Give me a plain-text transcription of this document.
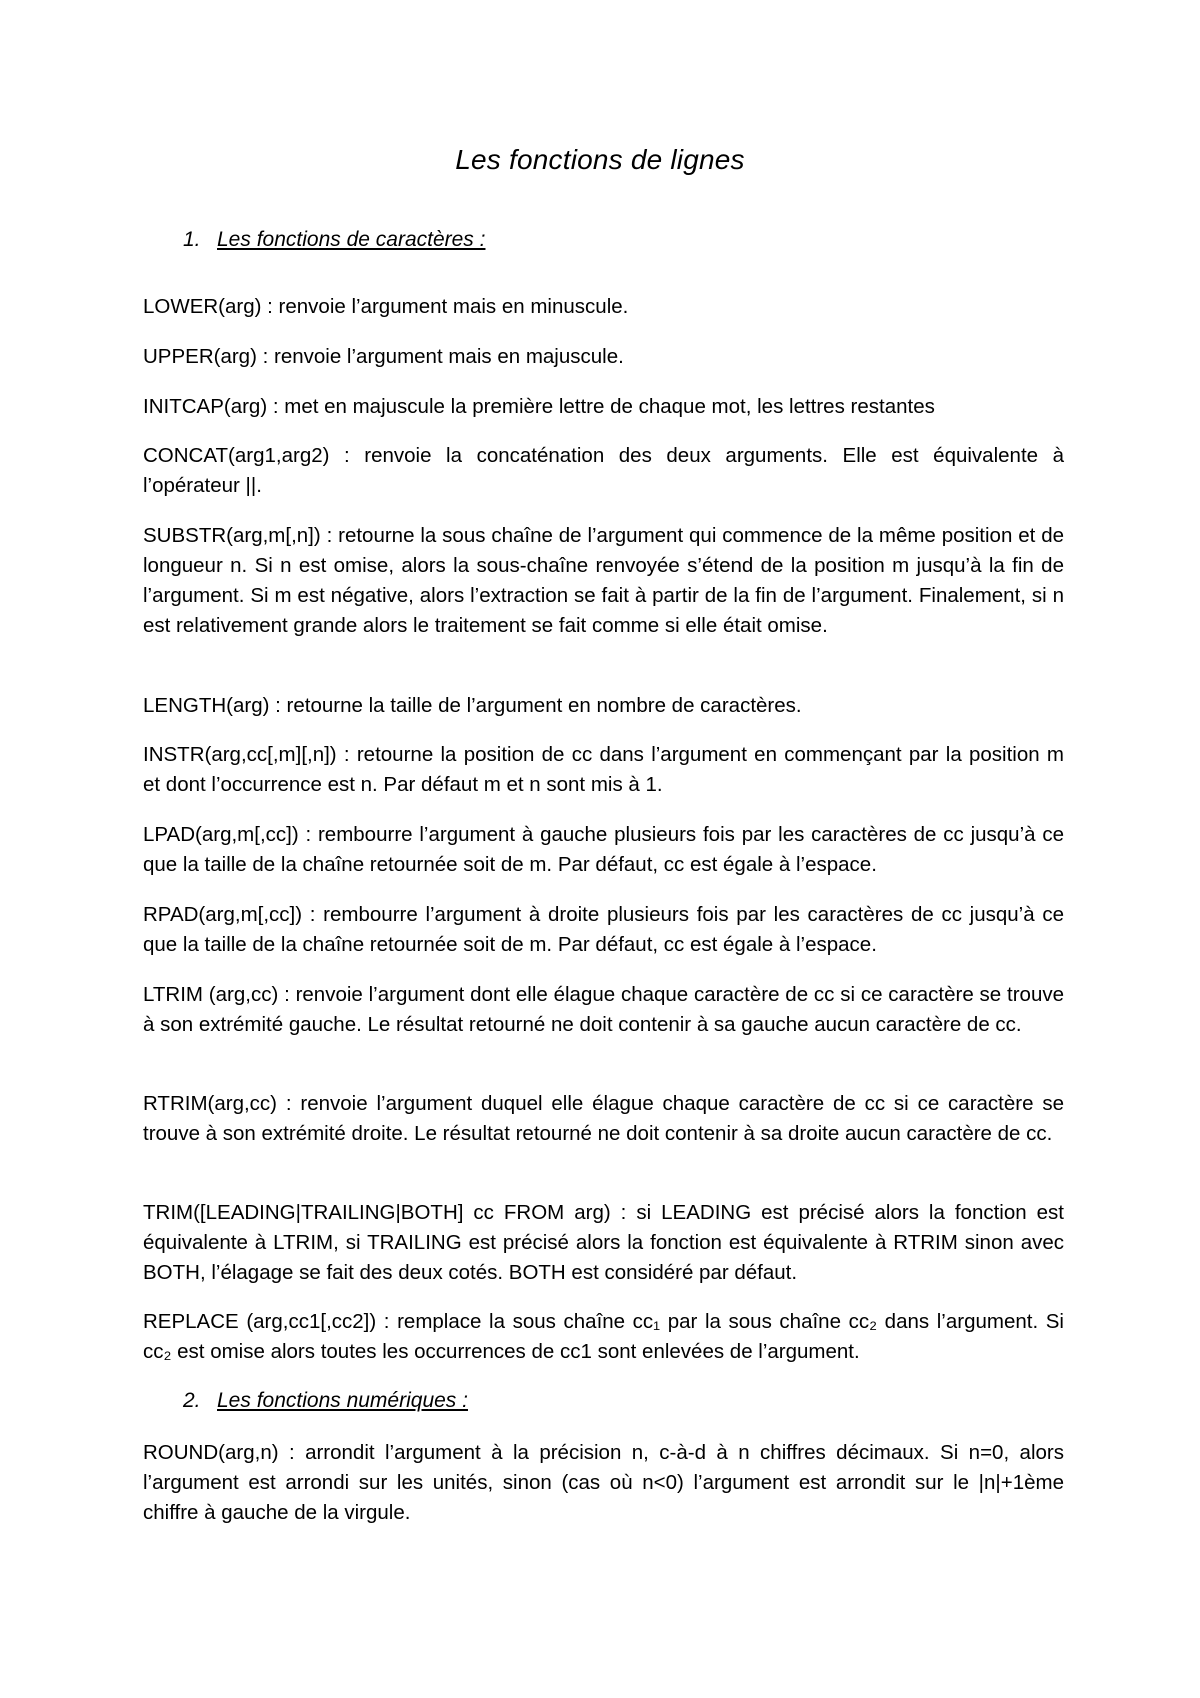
Les fonctions de lignes
1. Les fonctions de caractères :

LOWER(arg) : renvoie l’argument mais en minuscule.

UPPER(arg) : renvoie l’argument mais en majuscule.

INITCAP(arg) : met en majuscule la première lettre de chaque mot, les lettres restantes

CONCAT(arg1,arg2) : renvoie la concaténation des deux arguments. Elle est équivalente à l’opérateur ||.

SUBSTR(arg,m[,n]) : retourne la sous chaîne de l’argument qui commence de la même position et de longueur n. Si n est omise, alors la sous-chaîne renvoyée s’étend de la position m jusqu’à la fin de l’argument. Si m est négative, alors l’extraction se fait à partir de la fin de l’argument. Finalement, si n est relativement grande alors le traitement se fait comme si elle était omise.

LENGTH(arg) : retourne la taille de l’argument en nombre de caractères.

INSTR(arg,cc[,m][,n]) : retourne la position de cc dans l’argument en commençant par la position m et dont l’occurrence est n. Par défaut m et n sont mis à 1.

LPAD(arg,m[,cc]) : rembourre l’argument à gauche plusieurs fois par les caractères de cc jusqu’à ce que la taille de la chaîne retournée soit de m. Par défaut, cc est égale à l’espace.

RPAD(arg,m[,cc]) : rembourre l’argument à droite plusieurs fois par les caractères de cc jusqu’à ce que la taille de la chaîne retournée soit de m. Par défaut, cc est égale à l’espace.

LTRIM (arg,cc) : renvoie l’argument dont elle élague chaque caractère de cc si ce caractère se trouve à son extrémité gauche. Le résultat retourné ne doit contenir à sa gauche aucun caractère de cc.

RTRIM(arg,cc) : renvoie l’argument duquel elle élague chaque caractère de cc si ce caractère se trouve à son extrémité droite. Le résultat retourné ne doit contenir à sa droite aucun caractère de cc.

TRIM([LEADING|TRAILING|BOTH] cc FROM arg) : si LEADING est précisé alors la fonction est équivalente à LTRIM, si TRAILING est précisé alors la fonction est équivalente à RTRIM sinon avec BOTH, l’élagage se fait des deux cotés. BOTH est considéré par défaut.

REPLACE (arg,cc1[,cc2]) : remplace la sous chaîne cc₁ par la sous chaîne cc₂ dans l’argument. Si cc₂ est omise alors toutes les occurrences de cc1 sont enlevées de l’argument.

2. Les fonctions numériques :

ROUND(arg,n) : arrondit l’argument à la précision n, c-à-d à n chiffres décimaux. Si n=0, alors l’argument est arrondi sur les unités, sinon (cas où n<0) l’argument est arrondit sur le |n|+1ème chiffre à gauche de la virgule.
